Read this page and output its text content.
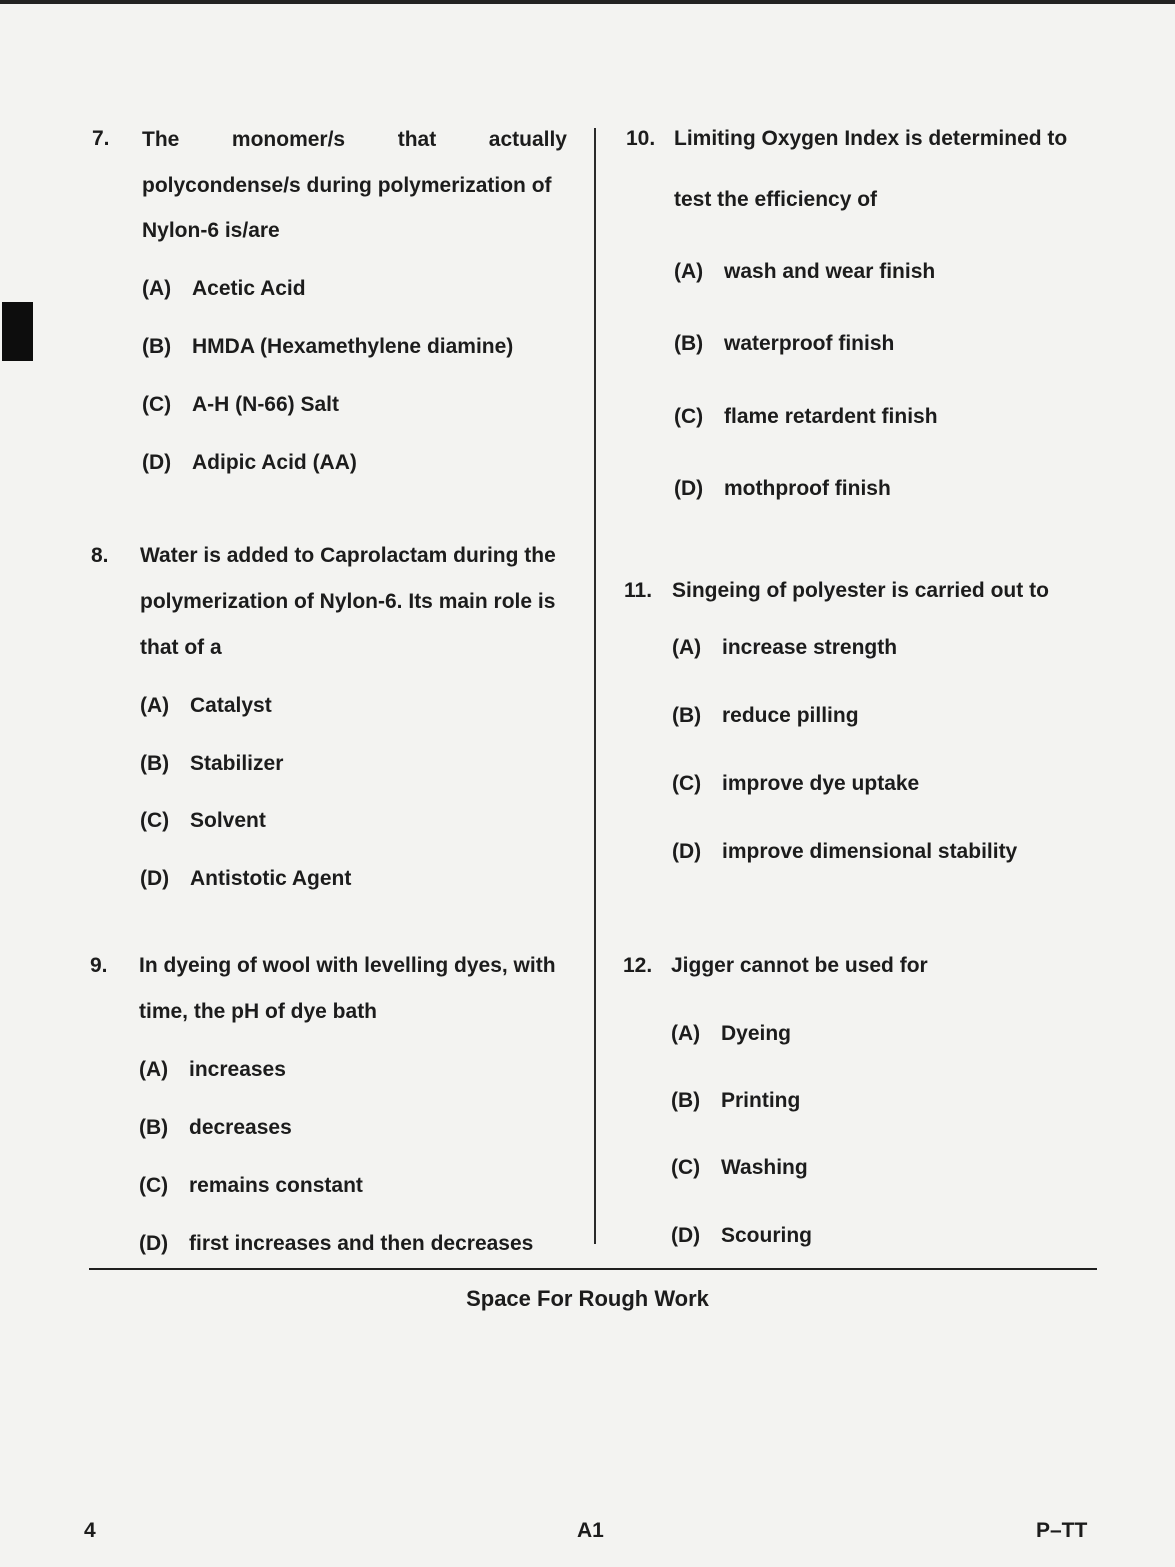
7. The	monomer/s	that	actually
polycondense/s during polymerization of
Nylon-6 is/are
(A) Acetic Acid
(B) HMDA (Hexamethylene diamine)
(C) A-H (N-66) Salt
(D) Adipic Acid (AA)
8. Water is added to Caprolactam during the
polymerization of Nylon-6. Its main role is
that of a
(A) Catalyst
(B) Stabilizer
(C) Solvent
(D) Antistotic Agent
9. In dyeing of wool with levelling dyes, with
time, the pH of dye bath
(A) increases
(B) decreases
(C) remains constant
(D) first increases and then decreases
10. Limiting Oxygen Index is determined to
test the efficiency of
(A) wash and wear finish
(B) waterproof finish
(C) flame retardent finish
(D) mothproof finish
11. Singeing of polyester is carried out to
(A) increase strength
(B) reduce pilling
(C) improve dye uptake
(D) improve dimensional stability
12. Jigger cannot be used for
(A) Dyeing
(B) Printing
(C) Washing
(D) Scouring
Space For Rough Work
4	A1	P–TT
